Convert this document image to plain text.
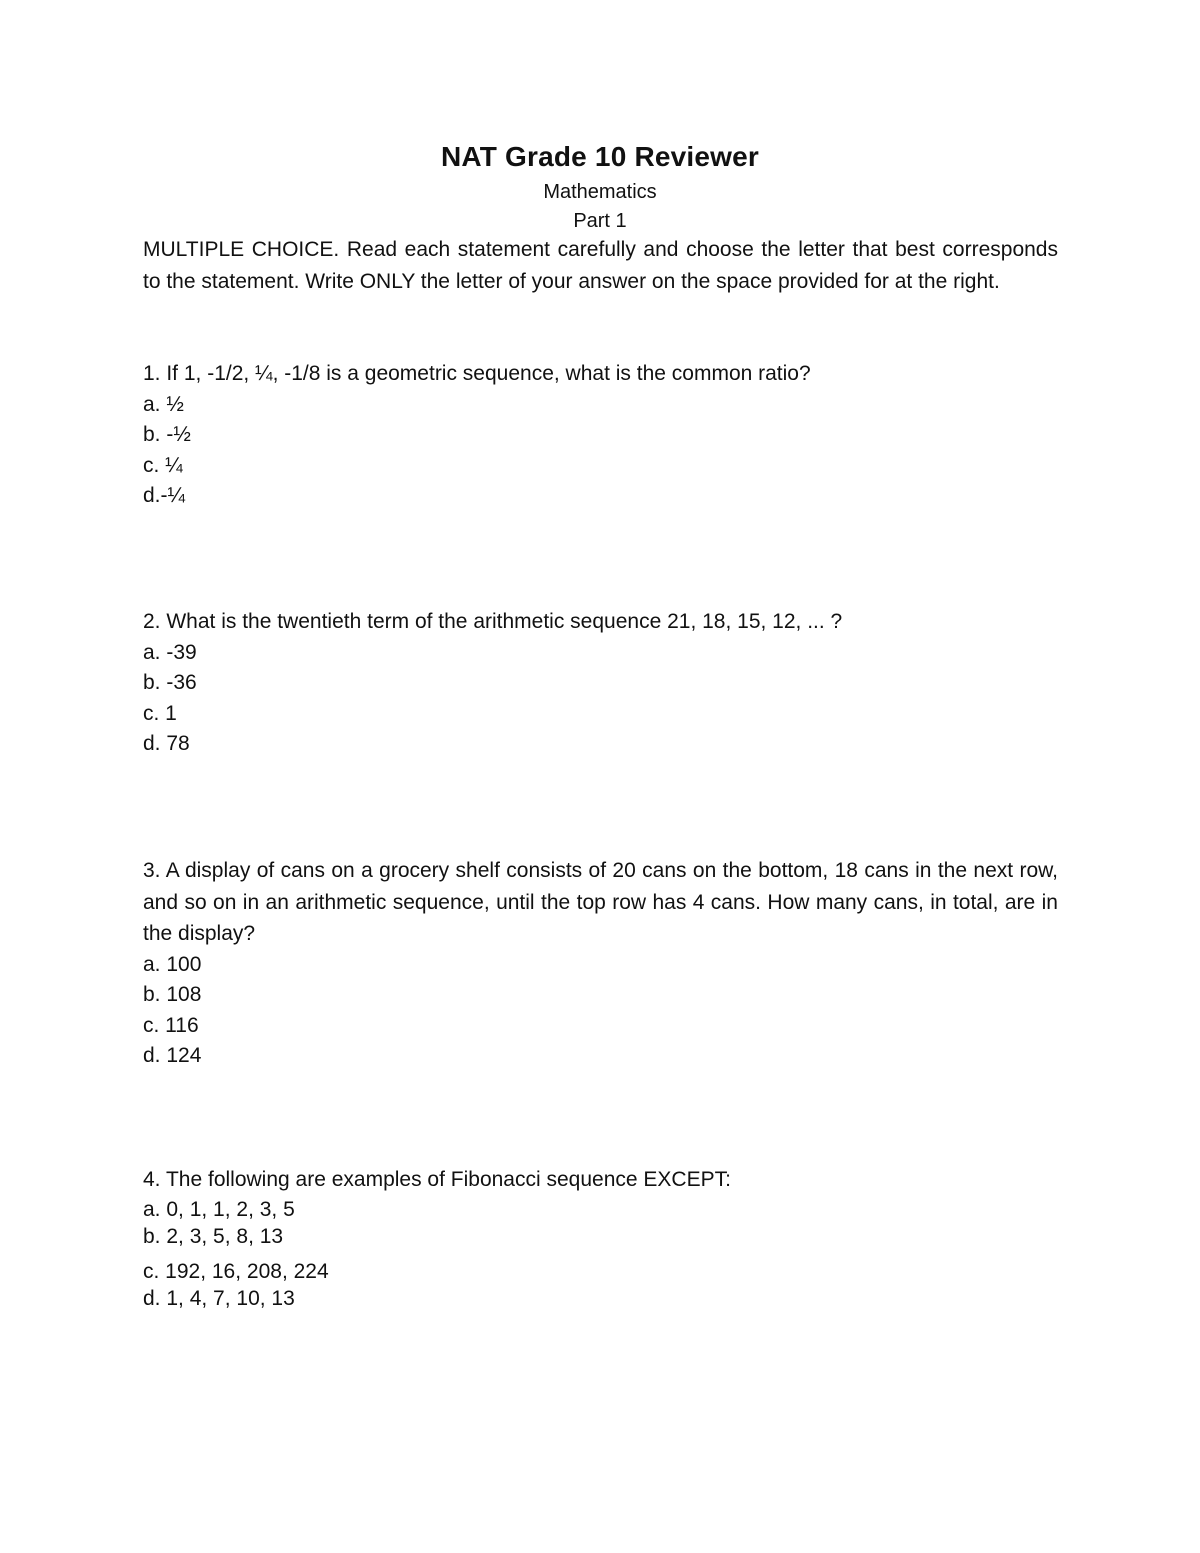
NAT Grade 10 Reviewer
Mathematics
Part 1
MULTIPLE CHOICE. Read each statement carefully and choose the letter that best corresponds to the statement. Write ONLY the letter of your answer on the space provided for at the right.

1. If 1, -1/2, ¼, -1/8 is a geometric sequence, what is the common ratio?

a. ½
b. -½
c. ¼
d.-¼

2. What is the twentieth term of the arithmetic sequence 21, 18, 15, 12, ... ?

a. -39
b. -36
c. 1
d. 78

3. A display of cans on a grocery shelf consists of 20 cans on the bottom, 18 cans in the next row, and so on in an arithmetic sequence, until the top row has 4 cans. How many cans, in total, are in the display?

a. 100
b. 108
c. 116
d. 124

4. The following are examples of Fibonacci sequence EXCEPT:

a. 0, 1, 1, 2, 3, 5
b. 2, 3, 5, 8, 13
c. 192, 16, 208, 224
d. 1, 4, 7, 10, 13
